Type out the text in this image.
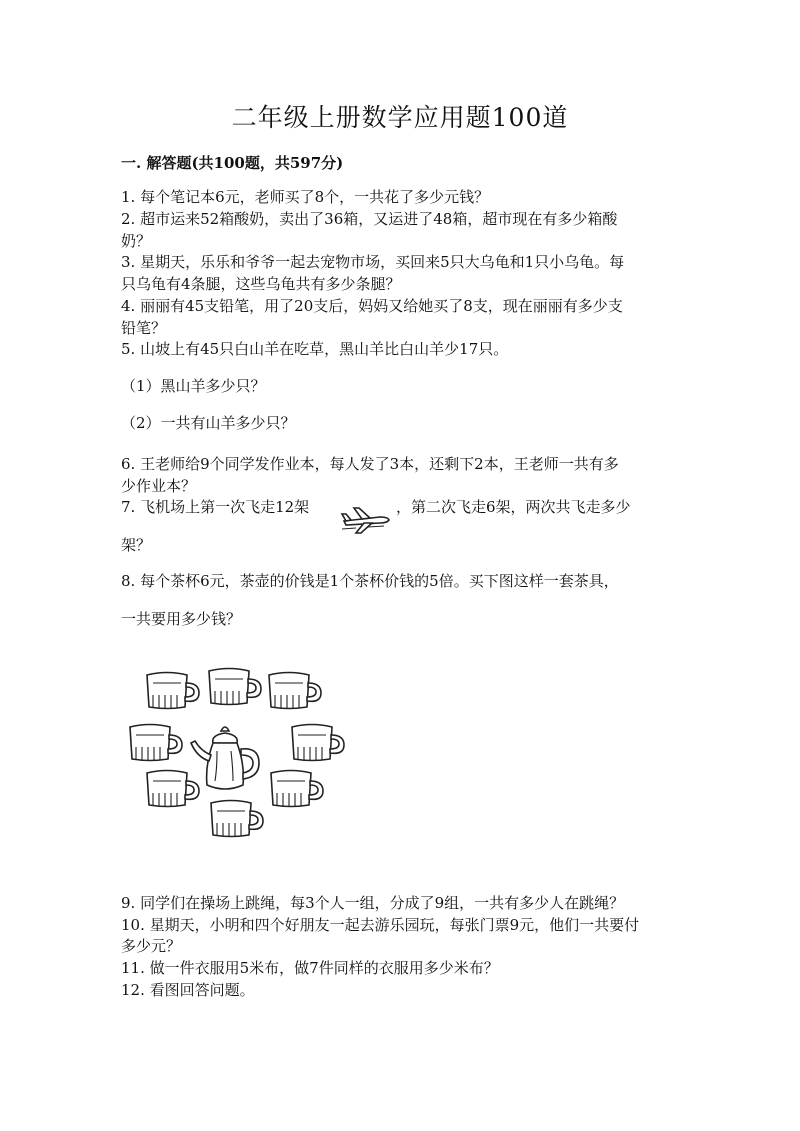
二年级上册数学应用题100道
一. 解答题(共100题，共597分)
1. 每个笔记本6元，老师买了8个，一共花了多少元钱？
2. 超市运来52箱酸奶，卖出了36箱，又运进了48箱，超市现在有多少箱酸
奶？
3. 星期天，乐乐和爷爷一起去宠物市场，买回来5只大乌龟和1只小乌龟。每
只乌龟有4条腿，这些乌龟共有多少条腿？
4. 丽丽有45支铅笔，用了20支后，妈妈又给她买了8支，现在丽丽有多少支
铅笔？
5. 山坡上有45只白山羊在吃草，黑山羊比白山羊少17只。
（1）黑山羊多少只？
（2）一共有山羊多少只？
6. 王老师给9个同学发作业本，每人发了3本，还剩下2本，王老师一共有多
少作业本？
7. 飞机场上第一次飞走12架	，第二次飞走6架，两次共飞走多少
架？
8. 每个茶杯6元，茶壶的价钱是1个茶杯价钱的5倍。买下图这样一套茶具，
一共要用多少钱？
9. 同学们在操场上跳绳，每3个人一组，分成了9组，一共有多少人在跳绳？
10. 星期天，小明和四个好朋友一起去游乐园玩，每张门票9元，他们一共要付
多少元？
11. 做一件衣服用5米布，做7件同样的衣服用多少米布？
12. 看图回答问题。
